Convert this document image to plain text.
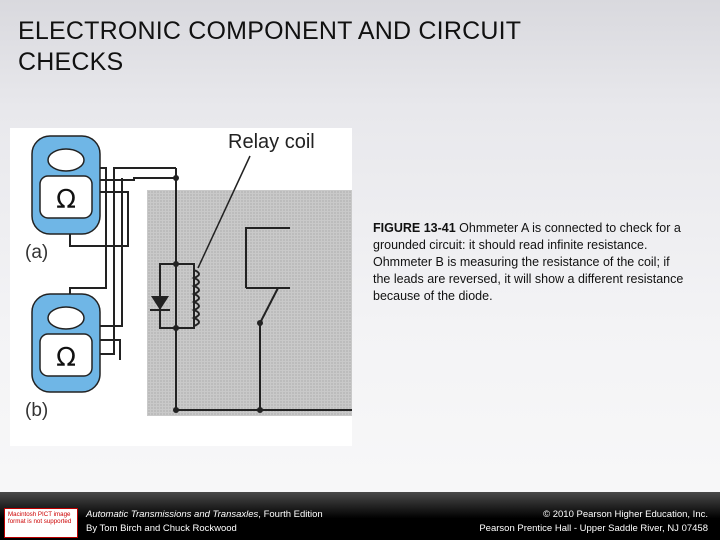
ELECTRONIC COMPONENT AND CIRCUIT
CHECKS
Ω
(a)
Ω
(b)
Relay coil
FIGURE 13-41 Ohmmeter A is connected to check for a grounded circuit: it should read infinite resistance. Ohmmeter B is measuring the resistance of the coil; if the leads are reversed, it will show a different resistance because of the diode.
Macintosh PICT image format is not supported
Automatic Transmissions and Transaxles, Fourth Edition
By Tom Birch and Chuck Rockwood
© 2010 Pearson Higher Education, Inc.
Pearson Prentice Hall - Upper Saddle River, NJ 07458
